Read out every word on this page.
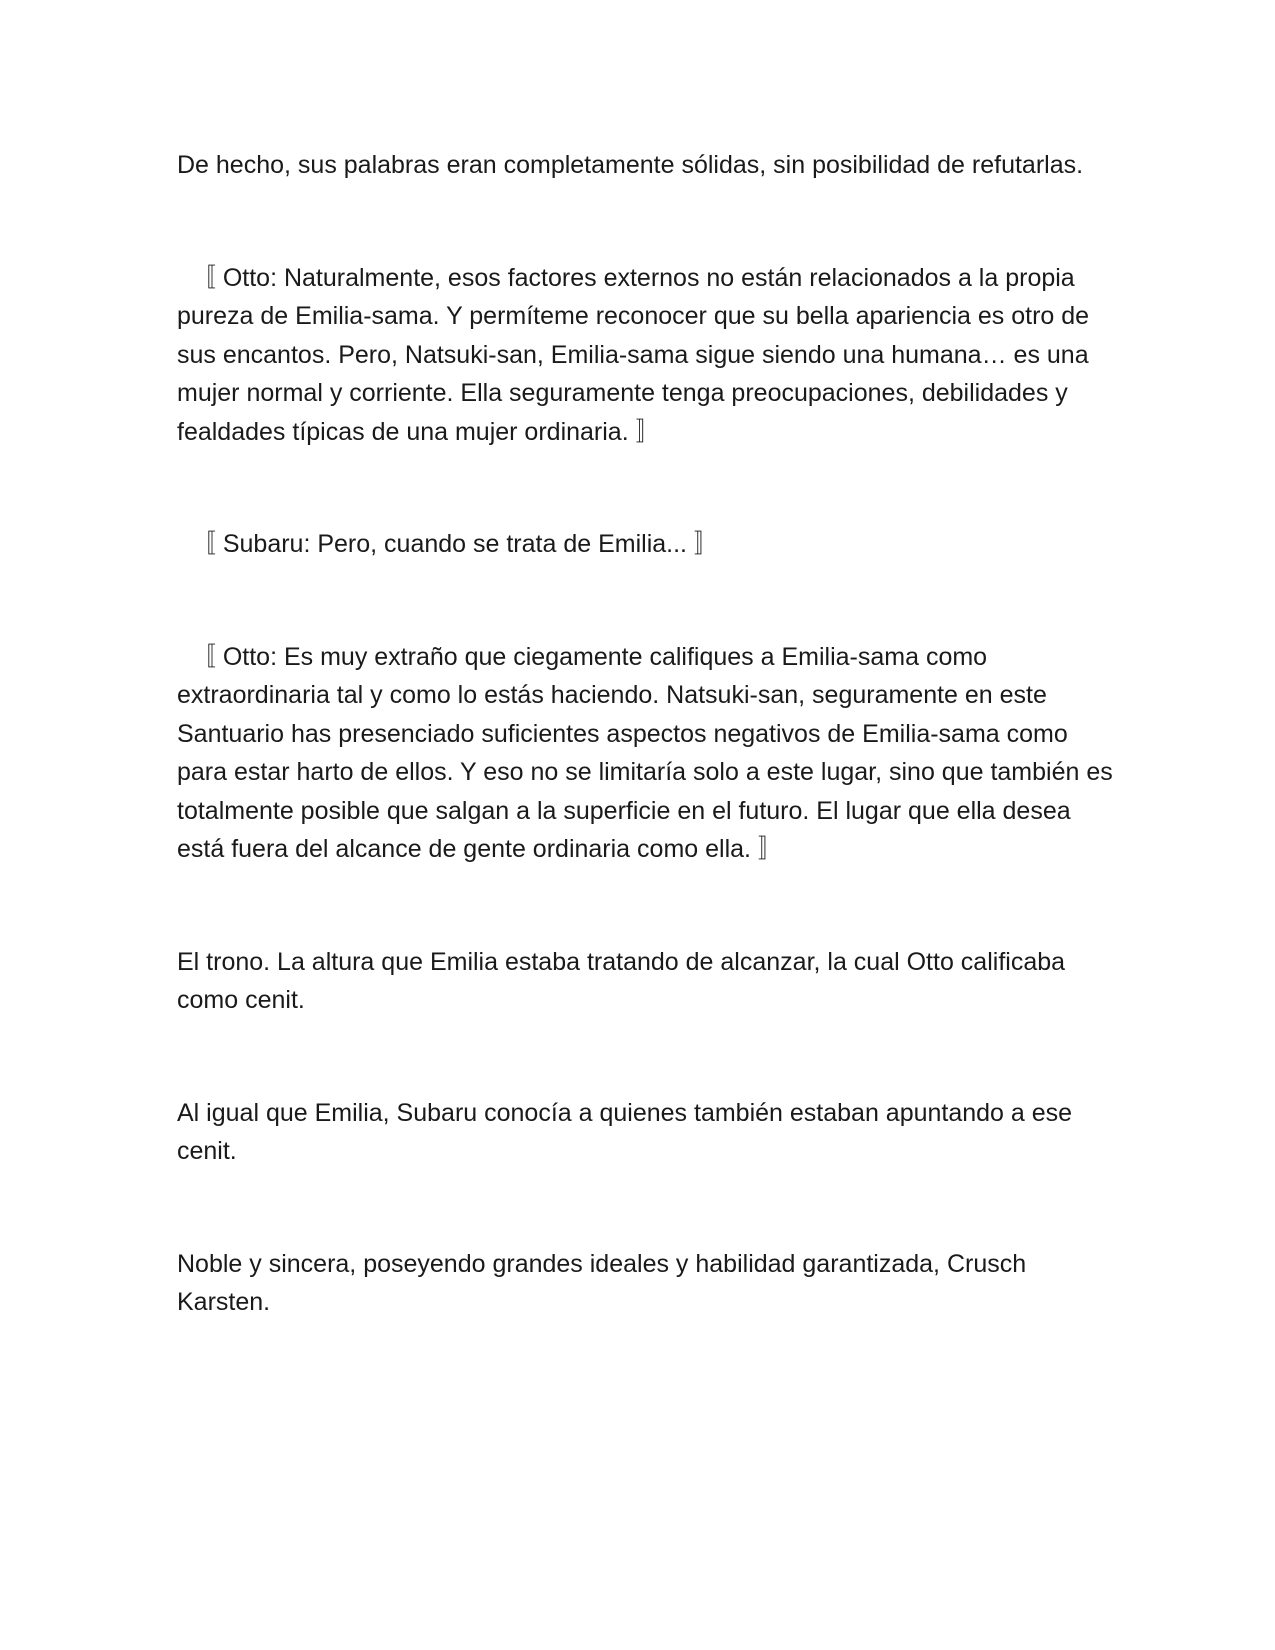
De hecho, sus palabras eran completamente sólidas, sin posibilidad de refutarlas.

〚 Otto: Naturalmente, esos factores externos no están relacionados a la propia pureza de Emilia-sama. Y permíteme reconocer que su bella apariencia es otro de sus encantos. Pero, Natsuki-san, Emilia-sama sigue siendo una humana… es una mujer normal y corriente. Ella seguramente tenga preocupaciones, debilidades y fealdades típicas de una mujer ordinaria. 〛

〚 Subaru: Pero, cuando se trata de Emilia... 〛

〚 Otto: Es muy extraño que ciegamente califiques a Emilia-sama como extraordinaria tal y como lo estás haciendo. Natsuki-san, seguramente en este Santuario has presenciado suficientes aspectos negativos de Emilia-sama como para estar harto de ellos. Y eso no se limitaría solo a este lugar, sino que también es totalmente posible que salgan a la superficie en el futuro. El lugar que ella desea está fuera del alcance de gente ordinaria como ella. 〛

El trono. La altura que Emilia estaba tratando de alcanzar, la cual Otto calificaba como cenit.

Al igual que Emilia, Subaru conocía a quienes también estaban apuntando a ese cenit.

Noble y sincera, poseyendo grandes ideales y habilidad garantizada, Crusch Karsten.
